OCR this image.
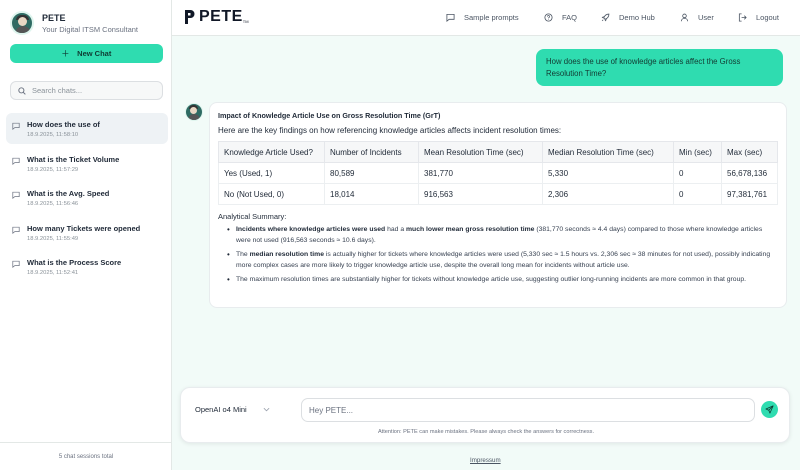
PETE
Your Digital ITSM Consultant
＋ New Chat
Search chats...
How does the use of
18.9.2025, 11:58:10
What is the Ticket Volume
18.9.2025, 11:57:29
What is the Avg. Speed
18.9.2025, 11:56:46
How many Tickets were opened
18.9.2025, 11:55:49
What is the Process Score
18.9.2025, 11:52:41
5 chat sessions total
PETE TM	Sample prompts	FAQ	Demo Hub	User	Logout
How does the use of knowledge articles affect the Gross Resolution Time?
Impact of Knowledge Article Use on Gross Resolution Time (GrT)
Here are the key findings on how referencing knowledge articles affects incident resolution times:
Knowledge Article Used?	Number of Incidents	Mean Resolution Time (sec)	Median Resolution Time (sec)	Min (sec)	Max (sec)
Yes (Used, 1)	80,589	381,770	5,330	0	56,678,136
No (Not Used, 0)	18,014	916,563	2,306	0	97,381,761
Analytical Summary:
• Incidents where knowledge articles were used had a much lower mean gross resolution time (381,770 seconds ≈ 4.4 days) compared to those where knowledge articles were not used (916,563 seconds ≈ 10.6 days).
• The median resolution time is actually higher for tickets where knowledge articles were used (5,330 sec ≈ 1.5 hours vs. 2,306 sec ≈ 38 minutes for not used), possibly indicating more complex cases are more likely to trigger knowledge article use, despite the overall long mean for incidents without article use.
• The maximum resolution times are substantially higher for tickets without knowledge article use, suggesting outlier long-running incidents are more common in that group.
OpenAI o4 Mini
Hey PETE...
Attention: PETE can make mistakes. Please always check the answers for correctness.
Impressum
